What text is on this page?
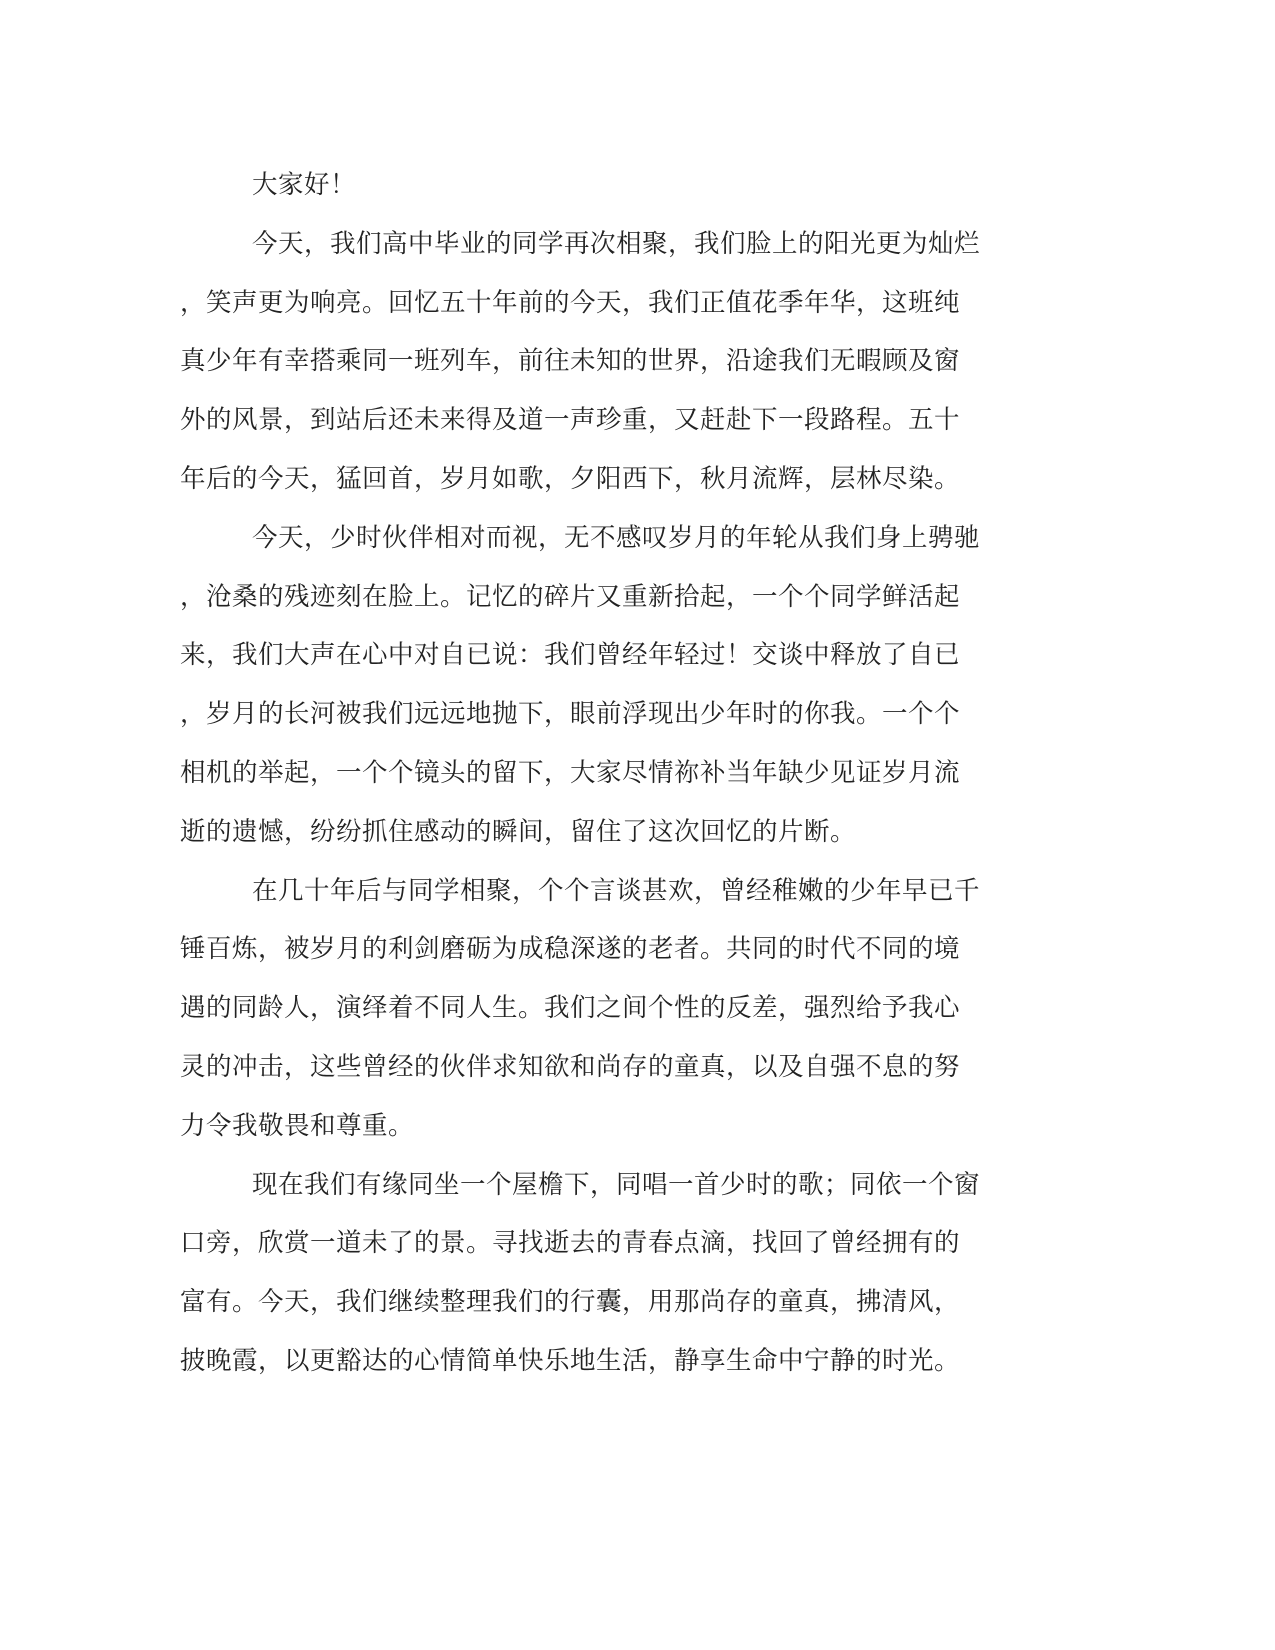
大家好！
今天，我们高中毕业的同学再次相聚，我们脸上的阳光更为灿烂
，笑声更为响亮。回忆五十年前的今天，我们正值花季年华，这班纯
真少年有幸搭乘同一班列车，前往未知的世界，沿途我们无暇顾及窗
外的风景，到站后还未来得及道一声珍重，又赶赴下一段路程。五十
年后的今天，猛回首，岁月如歌，夕阳西下，秋月流辉，层林尽染。
今天，少时伙伴相对而视，无不感叹岁月的年轮从我们身上骋驰
，沧桑的残迹刻在脸上。记忆的碎片又重新拾起，一个个同学鲜活起
来，我们大声在心中对自已说：我们曾经年轻过！交谈中释放了自已
，岁月的长河被我们远远地抛下，眼前浮现出少年时的你我。一个个
相机的举起，一个个镜头的留下，大家尽情祢补当年缺少见证岁月流
逝的遗憾，纷纷抓住感动的瞬间，留住了这次回忆的片断。
在几十年后与同学相聚，个个言谈甚欢，曾经稚嫩的少年早已千
锤百炼，被岁月的利剑磨砺为成稳深遂的老者。共同的时代不同的境
遇的同龄人，演绎着不同人生。我们之间个性的反差，强烈给予我心
灵的冲击，这些曾经的伙伴求知欲和尚存的童真，以及自强不息的努
力令我敬畏和尊重。
现在我们有缘同坐一个屋檐下，同唱一首少时的歌；同依一个窗
口旁，欣赏一道未了的景。寻找逝去的青春点滴，找回了曾经拥有的
富有。今天，我们继续整理我们的行囊，用那尚存的童真，拂清风，
披晚霞，以更豁达的心情简单快乐地生活，静享生命中宁静的时光。
